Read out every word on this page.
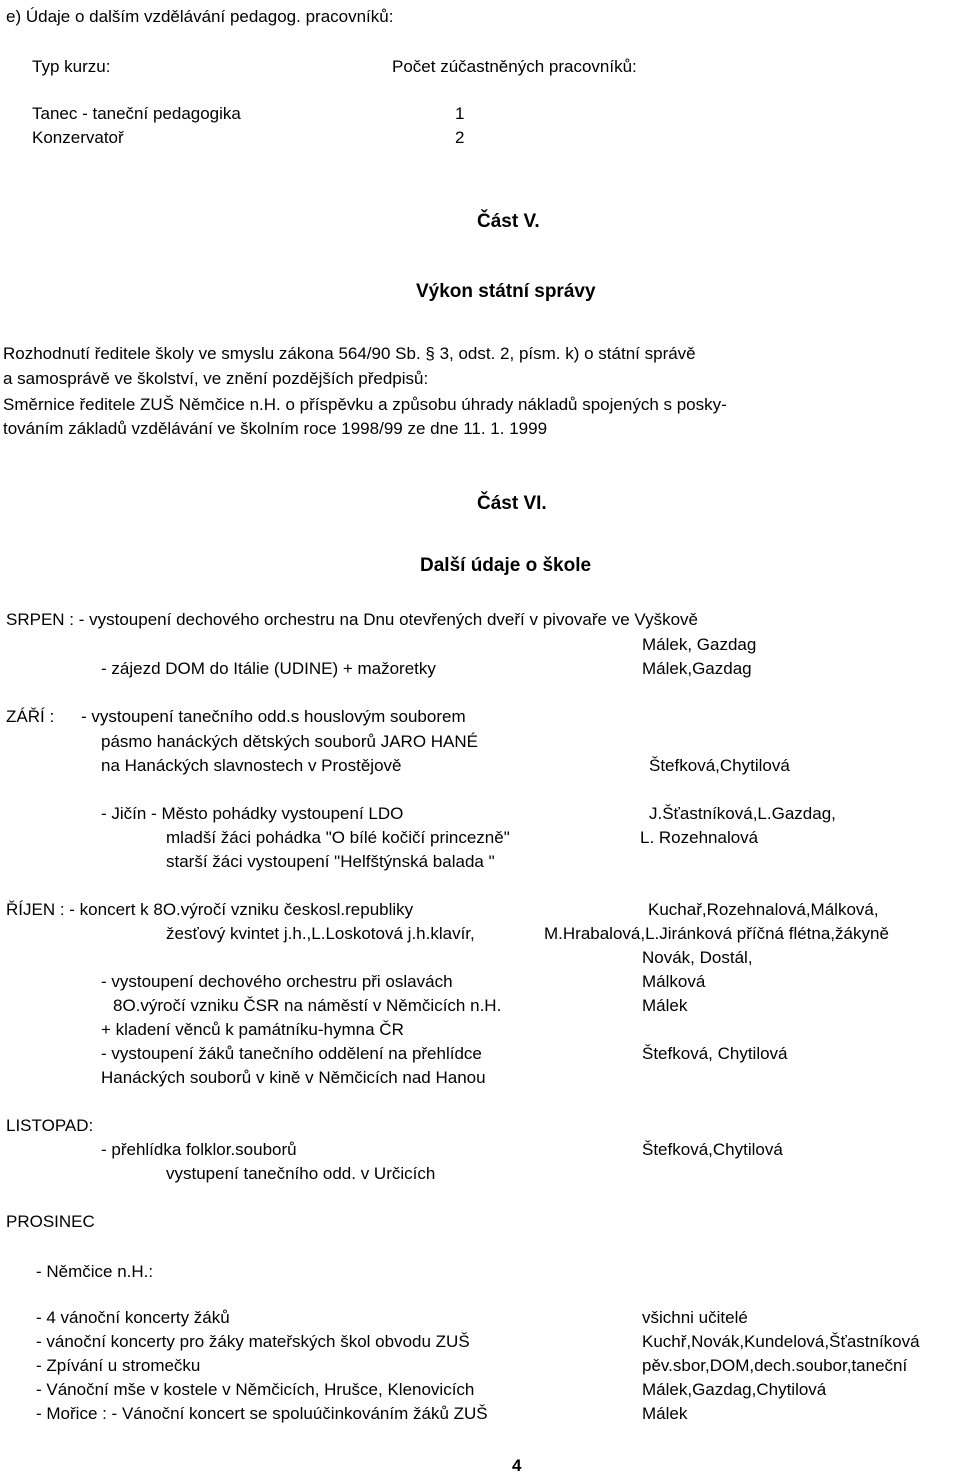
e) Údaje o dalším vzdělávání pedagog. pracovníků:
Typ kurzu:	Počet zúčastněných pracovníků:
Tanec - taneční pedagogika	1
Konzervatoř	2
Část V.
Výkon státní správy
Rozhodnutí ředitele školy ve smyslu zákona 564/90 Sb. § 3, odst. 2, písm. k) o státní správě
a samosprávě ve školství, ve znění pozdějších předpisů:
Směrnice ředitele ZUŠ Němčice n.H. o příspěvku a způsobu úhrady nákladů spojených s posky-
továním základů vzdělávání ve školním roce 1998/99 ze dne 11. 1. 1999
Část VI.
Další údaje o škole
SRPEN : - vystoupení dechového orchestru na Dnu otevřených dveří v pivovaře ve Vyškově
Málek, Gazdag
- zájezd DOM do Itálie (UDINE) + mažoretky	Málek,Gazdag
ZÁŘÍ : - vystoupení tanečního odd.s houslovým souborem
pásmo hanáckých dětských souborů JARO HANÉ
na Hanáckých slavnostech v Prostějově	Štefková,Chytilová
- Jičín - Město pohádky vystoupení LDO	J.Šťastníková,L.Gazdag,
mladší žáci pohádka "O bílé kočičí princezně"	L. Rozehnalová
starší žáci vystoupení "Helfštýnská balada "
ŘÍJEN : - koncert k 8O.výročí vzniku českosl.republiky	Kuchař,Rozehnalová,Málková,
žesťový kvintet j.h.,L.Loskotová j.h.klavír,	M.Hrabalová,L.Jiránková příčná flétna,žákyně
Novák, Dostál,
- vystoupení dechového orchestru při oslavách	Málková
8O.výročí vzniku ČSR na náměstí v Němčicích n.H.	Málek
+ kladení věnců k památníku-hymna ČR
- vystoupení žáků tanečního oddělení na přehlídce	Štefková, Chytilová
Hanáckých souborů v kině v Němčicích nad Hanou
LISTOPAD:
- přehlídka folklor.souborů	Štefková,Chytilová
vystupení tanečního odd. v Určicích
PROSINEC
- Němčice n.H.:
- 4 vánoční koncerty žáků	všichni učitelé
- vánoční koncerty pro žáky mateřských škol obvodu ZUŠ	Kuchř,Novák,Kundelová,Šťastníková
- Zpívání u stromečku	pěv.sbor,DOM,dech.soubor,taneční
- Vánoční mše v kostele v Němčicích, Hrušce, Klenovicích	Málek,Gazdag,Chytilová
- Mořice : - Vánoční koncert se spoluúčinkováním žáků ZUŠ	Málek
4
